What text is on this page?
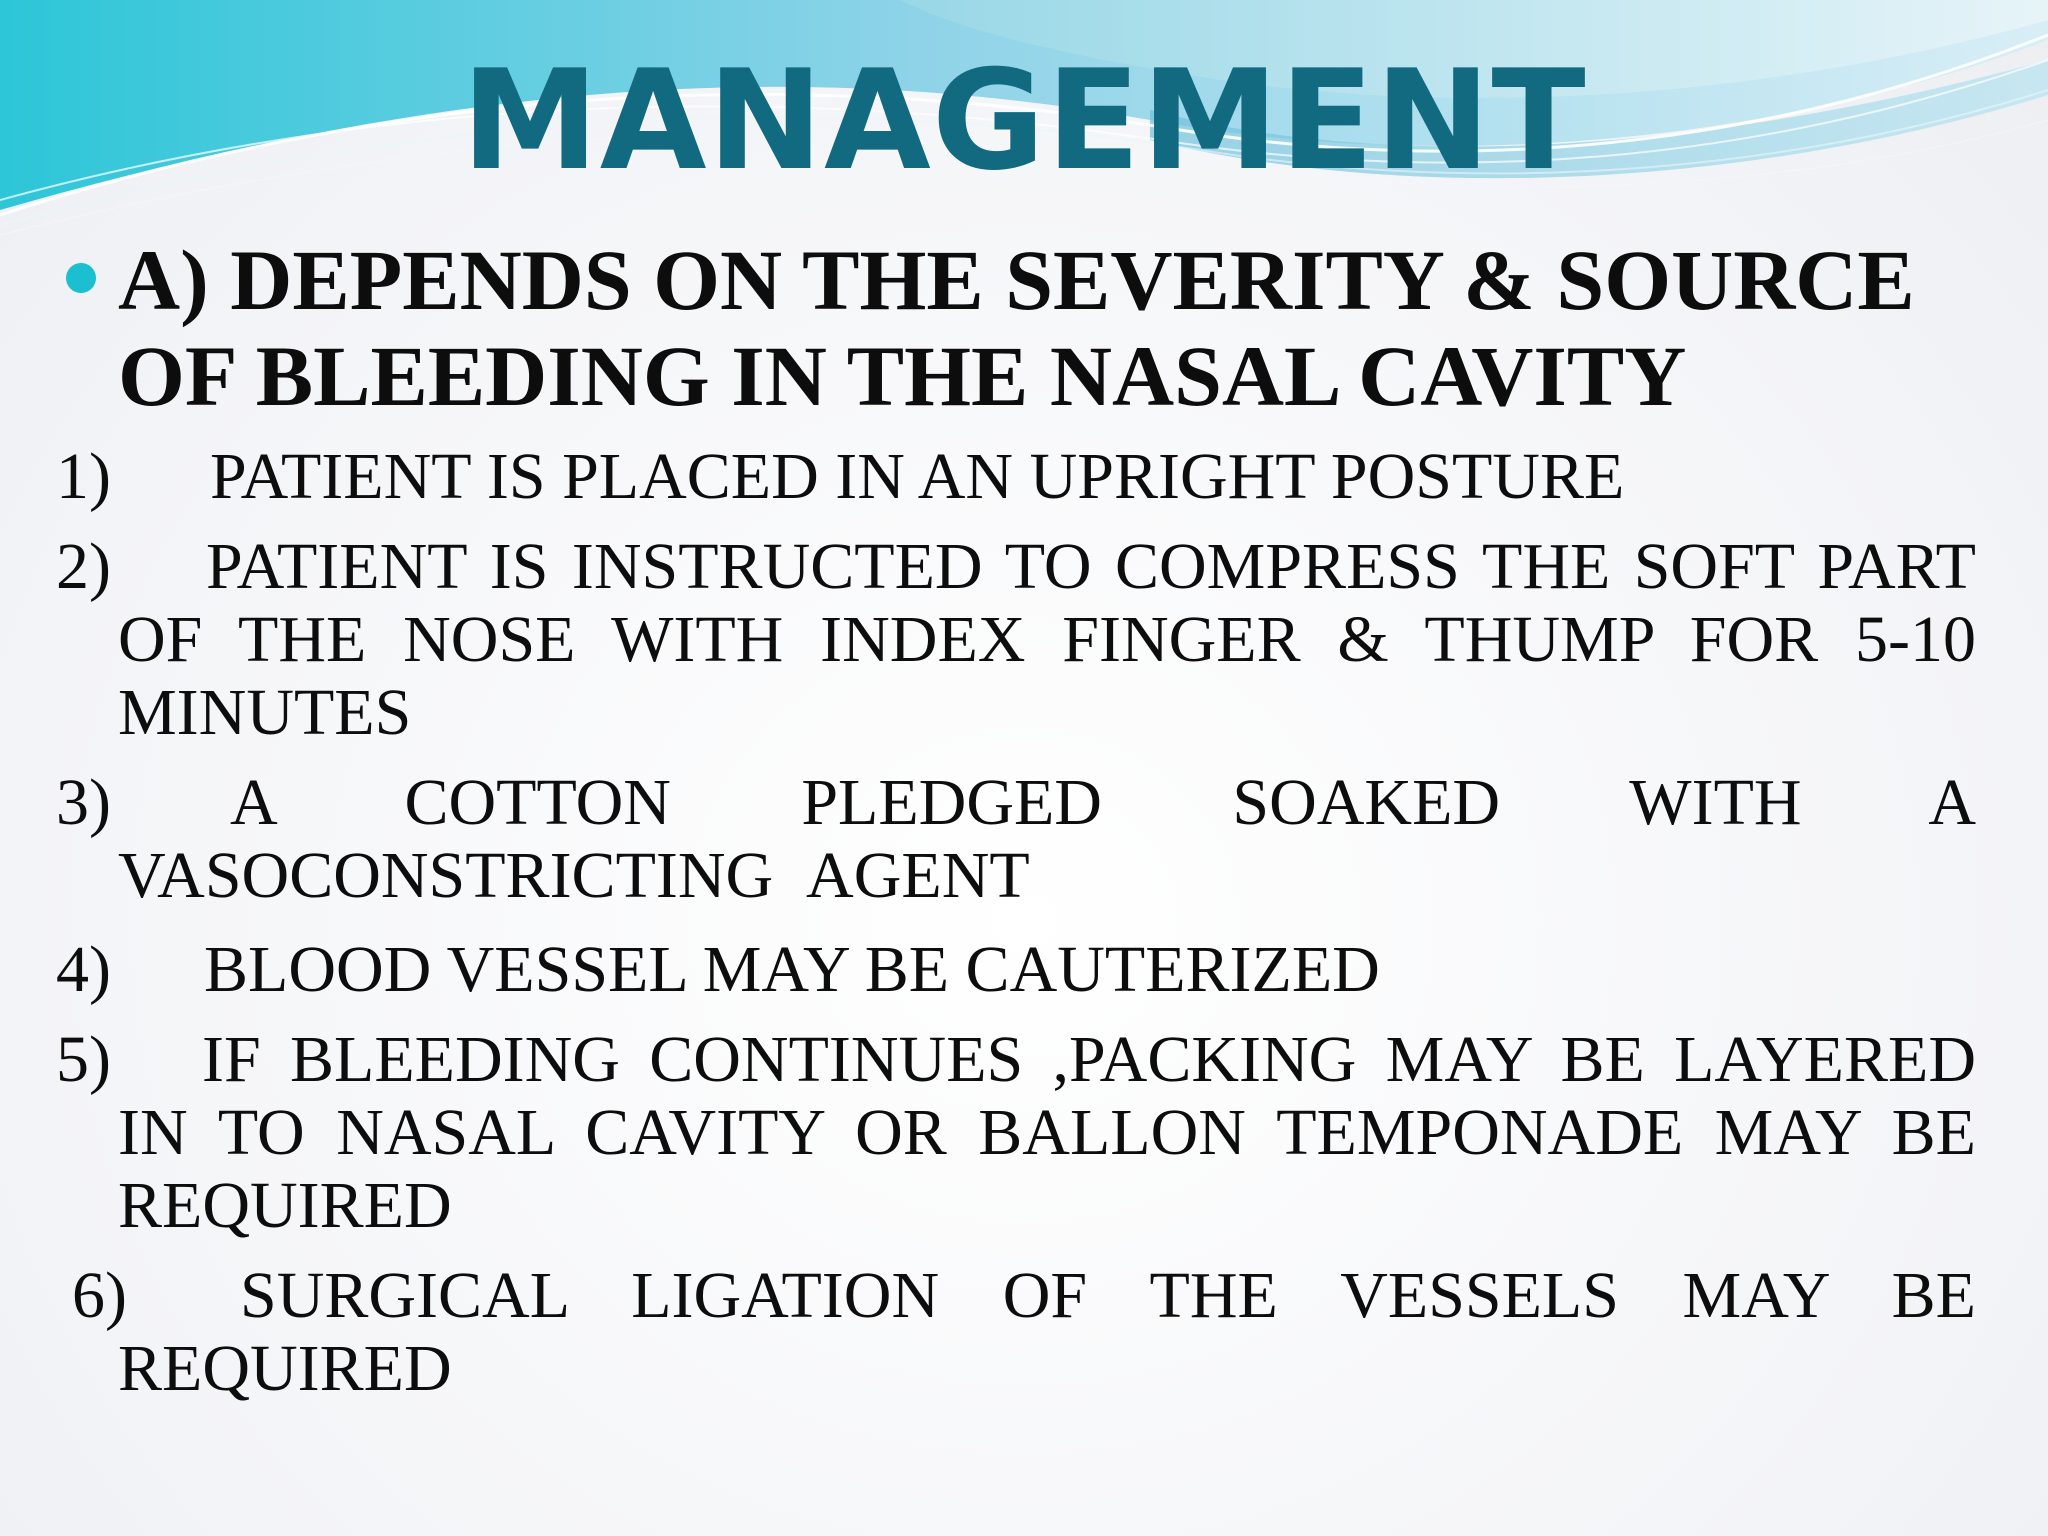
MANAGEMENT

A) DEPENDS ON THE SEVERITY & SOURCE OF BLEEDING IN THE NASAL CAVITY

1) PATIENT IS PLACED IN AN UPRIGHT POSTURE
2)	PATIENT IS INSTRUCTED TO COMPRESS THE SOFT PART OF THE NOSE WITH INDEX FINGER & THUMP FOR 5-10 MINUTES
3)	A COTTON PLEDGED SOAKED WITH A VASOCONSTRICTING AGENT
4) BLOOD VESSEL MAY BE CAUTERIZED
5)	IF BLEEDING CONTINUES ,PACKING MAY BE LAYERED IN TO NASAL CAVITY OR BALLON TEMPONADE MAY BE REQUIRED
6)	SURGICAL LIGATION OF THE VESSELS MAY BE REQUIRED
